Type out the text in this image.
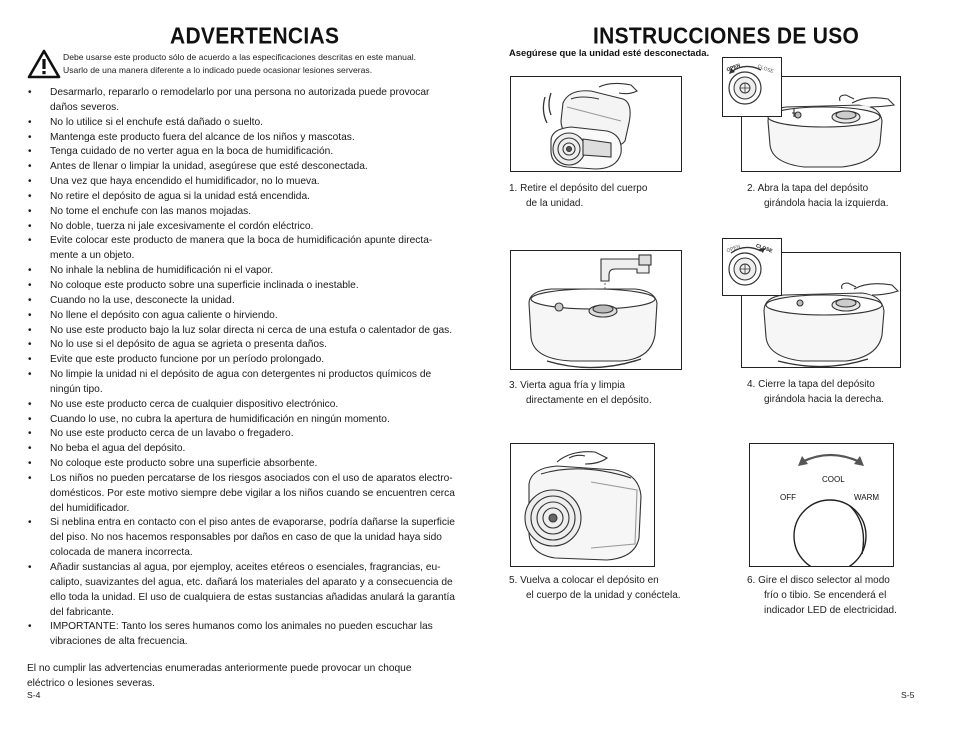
ADVERTENCIAS
Debe usarse este producto sólo de acuerdo a las especificaciones descritas en este manual.
Usarlo de una manera diferente a lo indicado puede ocasionar lesiones serveras.
• Desarmarlo, repararlo o remodelarlo por una persona no autorizada puede provocar
daños severos.
• No lo utilice si el enchufe está dañado o suelto.
• Mantenga este producto fuera del alcance de los niños y mascotas.
• Tenga cuidado de no verter agua en la boca de humidificación.
• Antes de llenar o limpiar la unidad, asegúrese que esté desconectada.
• Una vez que haya encendido el humidificador, no lo mueva.
• No retire el depósito de agua si la unidad está encendida.
• No tome el enchufe con las manos mojadas.
• No doble, tuerza ni jale excesivamente el cordón eléctrico.
• Evite colocar este producto de manera que la boca de humidificación apunte directa-
mente a un objeto.
• No inhale la neblina de humidificación ni el vapor.
• No coloque este producto sobre una superficie inclinada o inestable.
• Cuando no la use, desconecte la unidad.
• No llene el depósito con agua caliente o hirviendo.
• No use este producto bajo la luz solar directa ni cerca de una estufa o calentador de gas.
• No lo use si el depósito de agua se agrieta o presenta daños.
• Evite que este producto funcione por un período prolongado.
• No limpie la unidad ni el depósito de agua con detergentes ni productos químicos de
ningún tipo.
• No use este producto cerca de cualquier dispositivo electrónico.
• Cuando lo use, no cubra la apertura de humidificación en ningún momento.
• No use este producto cerca de un lavabo o fregadero.
• No beba el agua del depósito.
• No coloque este producto sobre una superficie absorbente.
• Los niños no pueden percatarse de los riesgos asociados con el uso de aparatos electro-
domésticos. Por este motivo siempre debe vigilar a los niños cuando se encuentren cerca
del humidificador.
• Si neblina entra en contacto con el piso antes de evaporarse, podría dañarse la superficie
del piso. No nos hacemos responsables por daños en caso de que la unidad haya sido
colocada de manera incorrecta.
• Añadir sustancias al agua, por ejemploy, aceites etéreos o esenciales, fragrancias, eu-
calipto, suavizantes del agua, etc. dañará los materiales del aparato y a consecuencia de
ello toda la unidad. El uso de cualquiera de estas sustancias añadidas anulará la garantía
del fabricante.
• IMPORTANTE: Tanto los seres humanos como los animales no pueden escuchar las
vibraciones de alta frecuencia.
El no cumplir las advertencias enumeradas anteriormente puede provocar un choque
eléctrico o lesiones severas.
S-4
INSTRUCCIONES DE USO
Asegúrese que la unidad esté desconectada.
OPEN	CLOSE
1. Retire el depósito del cuerpo
de la unidad.
2. Abra la tapa del depósito
girándola hacia la izquierda.
OPEN	CLOSE
3. Vierta agua fría y limpia
directamente en el depósito.
4. Cierre la tapa del depósito
girándola hacia la derecha.
COOL
OFF	WARM
5. Vuelva a colocar el depósito en
el cuerpo de la unidad y conéctela.
6. Gire el disco selector al modo
frío o tibio. Se encenderá el
indicador LED de electricidad.
S-5
